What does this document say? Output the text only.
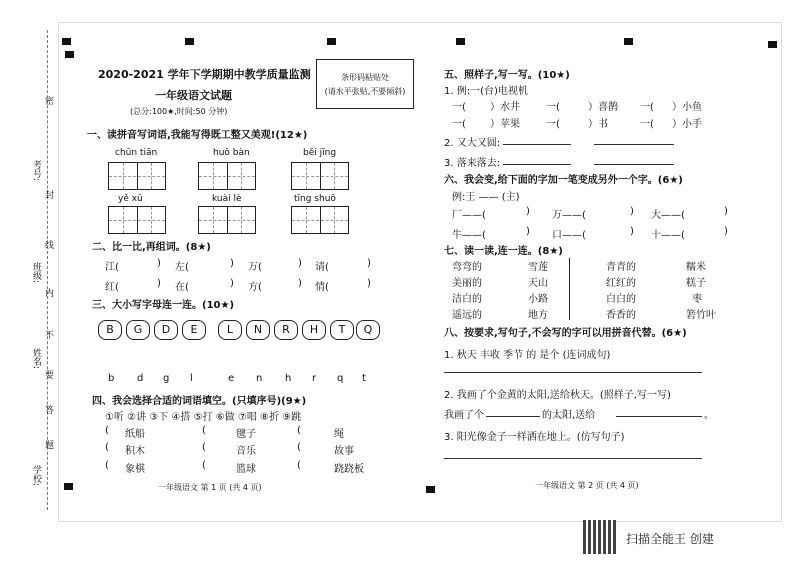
考号:
班级:
姓名:
学校:
密
封
线
内
不
要
答
题
2020-2021 学年下学期期中教学质量监测
一年级语文试题
(总分:100★,时间:50 分钟)
条形码粘贴处
(请水平张贴,不要倾斜)
一、读拼音写词语,我能写得既工整又美观!(12★)
chūn tiān	huǒ bàn	běi jīng
yě xǔ	kuài lè	tīng shuō
二、比一比,再组词。(8★)
江(	) 左(	) 万(	) 请(	)
红(	) 在(	) 方(	) 情(	)
三、大小写字母连一连。(10★)
B	G	D	E	L	N	R	H	T	Q
b d g l	e n h r q t
四、我会选择合适的词语填空。(只填序号)(9★)
①听 ②讲 ③下 ④搭 ⑤打 ⑥做 ⑦唱 ⑧折 ⑨跳
( 纸船	(	毽子	(	绳
( 积木	(	音乐	(	故事
( 象棋	(	篮球	(	跷跷板
一年级语文 第 1 页 (共 4 页)
五、照样子,写一写。(10★)
1. 例:一(台)电视机
一( ）水井	一(	）喜鹊 一( ）小鱼
一( ）苹果	一(	）书	一( ）小手
2. 又大又圆:
3. 落来落去:
六、我会变,给下面的字加一笔变成另外一个字。(6★)
例:王 —— (主)
厂——(	) 万——(	) 大——(	)
牛——(	) 口——(	) 十——(	)
七、读一读,连一连。(8★)
弯弯的
美丽的
洁白的
遥远的
雪莲
天山
小路
地方
青青的
红红的
白白的
香香的
糯米
糕子
枣
箬竹叶
八、按要求,写句子,不会写的字可以用拼音代替。(6★)
1. 秋天 丰收 季节 的 是个 (连词成句)
2. 我画了个金黄的太阳,送给秋天。(照样子,写一写)
我画了个	的太阳,送给	。
3. 阳光像金子一样洒在地上。(仿写句子)
一年级语文 第 2 页 (共 4 页)
扫描全能王 创建
